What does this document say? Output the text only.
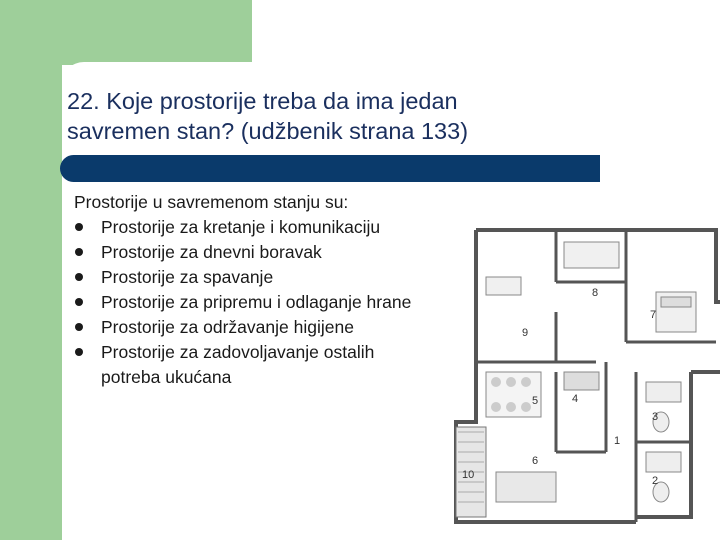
22. Koje prostorije treba da ima jedan
savremen stan? (udžbenik strana 133)
Prostorije u savremenom stanju su:
Prostorije za kretanje i komunikaciju
Prostorije za dnevni boravak
Prostorije za spavanje
Prostorije za pripremu i odlaganje hrane
Prostorije za održavanje higijene
Prostorije za zadovoljavanje ostalih potreba ukućana
1
2
3
4
5
6
7
8
9
10
